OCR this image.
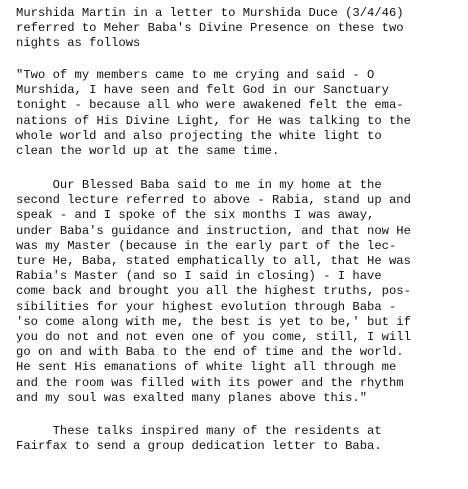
Murshida Martin in a letter to Murshida Duce (3/4/46)
referred to Meher Baba's Divine Presence on these two
nights as follows

"Two of my members came to me crying and said - O
Murshida, I have seen and felt God in our Sanctuary
tonight - because all who were awakened felt the ema-
nations of His Divine Light, for He was talking to the
whole world and also projecting the white light to
clean the world up at the same time.

Our Blessed Baba said to me in my home at the
second lecture referred to above - Rabia, stand up and
speak - and I spoke of the six months I was away,
under Baba's guidance and instruction, and that now He
was my Master (because in the early part of the lec-
ture He, Baba, stated emphatically to all, that He was
Rabia's Master (and so I said in closing) - I have
come back and brought you all the highest truths, pos-
sibilities for your highest evolution through Baba -
'so come along with me, the best is yet to be,' but if
you do not and not even one of you come, still, I will
go on and with Baba to the end of time and the world.
He sent His emanations of white light all through me
and the room was filled with its power and the rhythm
and my soul was exalted many planes above this."

These talks inspired many of the residents at
Fairfax to send a group dedication letter to Baba.
